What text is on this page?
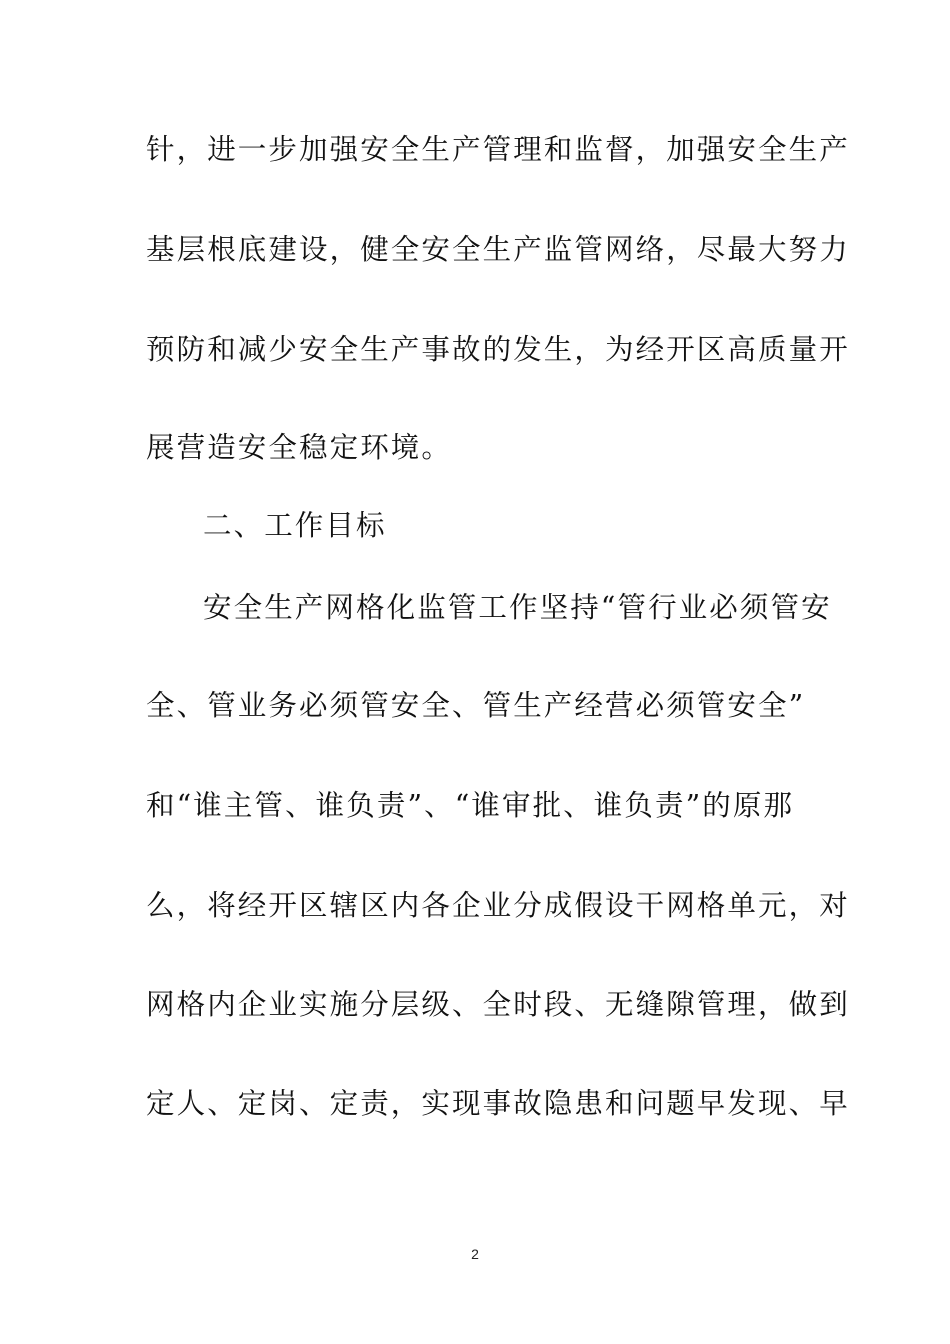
针，进一步加强安全生产管理和监督，加强安全生产
基层根底建设，健全安全生产监管网络，尽最大努力
预防和减少安全生产事故的发生，为经开区高质量开
展营造安全稳定环境。
二、工作目标
安全生产网格化监管工作坚持“管行业必须管安
全、管业务必须管安全、管生产经营必须管安全”
和“谁主管、谁负责”、“谁审批、谁负责”的原那
么，将经开区辖区内各企业分成假设干网格单元，对
网格内企业实施分层级、全时段、无缝隙管理，做到
定人、定岗、定责，实现事故隐患和问题早发现、早
2
